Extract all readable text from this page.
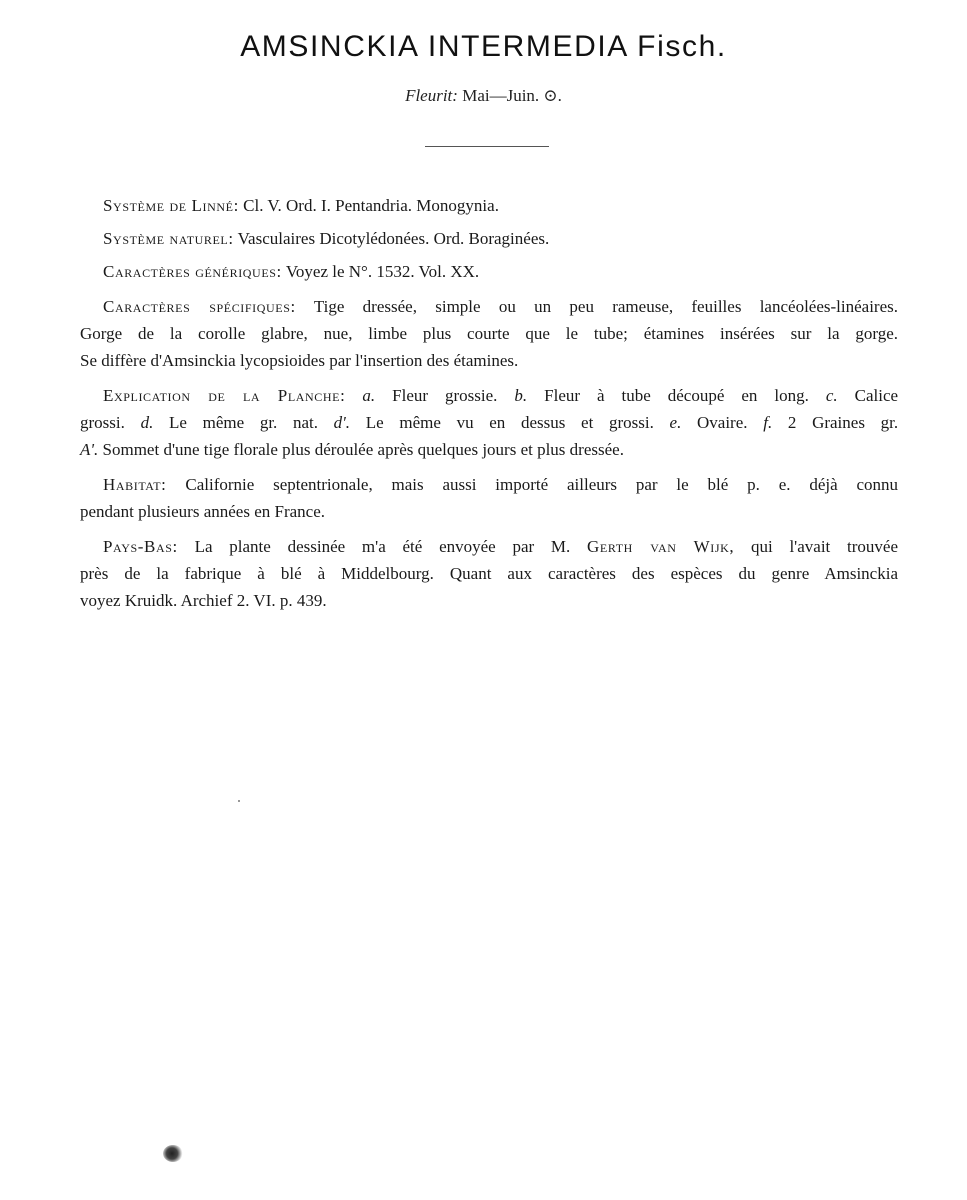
AMSINCKIA INTERMEDIA Fisch.
Fleurit: Mai—Juin. ⊙.
Système de Linné: Cl. V. Ord. I. Pentandria. Monogynia.
Système naturel: Vasculaires Dicotylédonées. Ord. Boraginées.
Caractères génériques: Voyez le N°. 1532. Vol. XX.
Caractères spécifiques: Tige dressée, simple ou un peu rameuse, feuilles lancéolées-linéaires.
Gorge de la corolle glabre, nue, limbe plus courte que le tube; étamines insérées sur la gorge.
Se diffère d'Amsinckia lycopsioides par l'insertion des étamines.
Explication de la Planche: a. Fleur grossie. b. Fleur à tube découpé en long. c. Calice
grossi. d. Le même gr. nat. d'. Le même vu en dessus et grossi. e. Ovaire. f. 2 Graines gr.
A'. Sommet d'une tige florale plus déroulée après quelques jours et plus dressée.
Habitat: Californie septentrionale, mais aussi importé ailleurs par le blé p. e. déjà connu
pendant plusieurs années en France.
Pays-Bas: La plante dessinée m'a été envoyée par M. Gerth van Wijk, qui l'avait trouvée
près de la fabrique à blé à Middelbourg. Quant aux caractères des espèces du genre Amsinckia
voyez Kruidk. Archief 2. VI. p. 439.
